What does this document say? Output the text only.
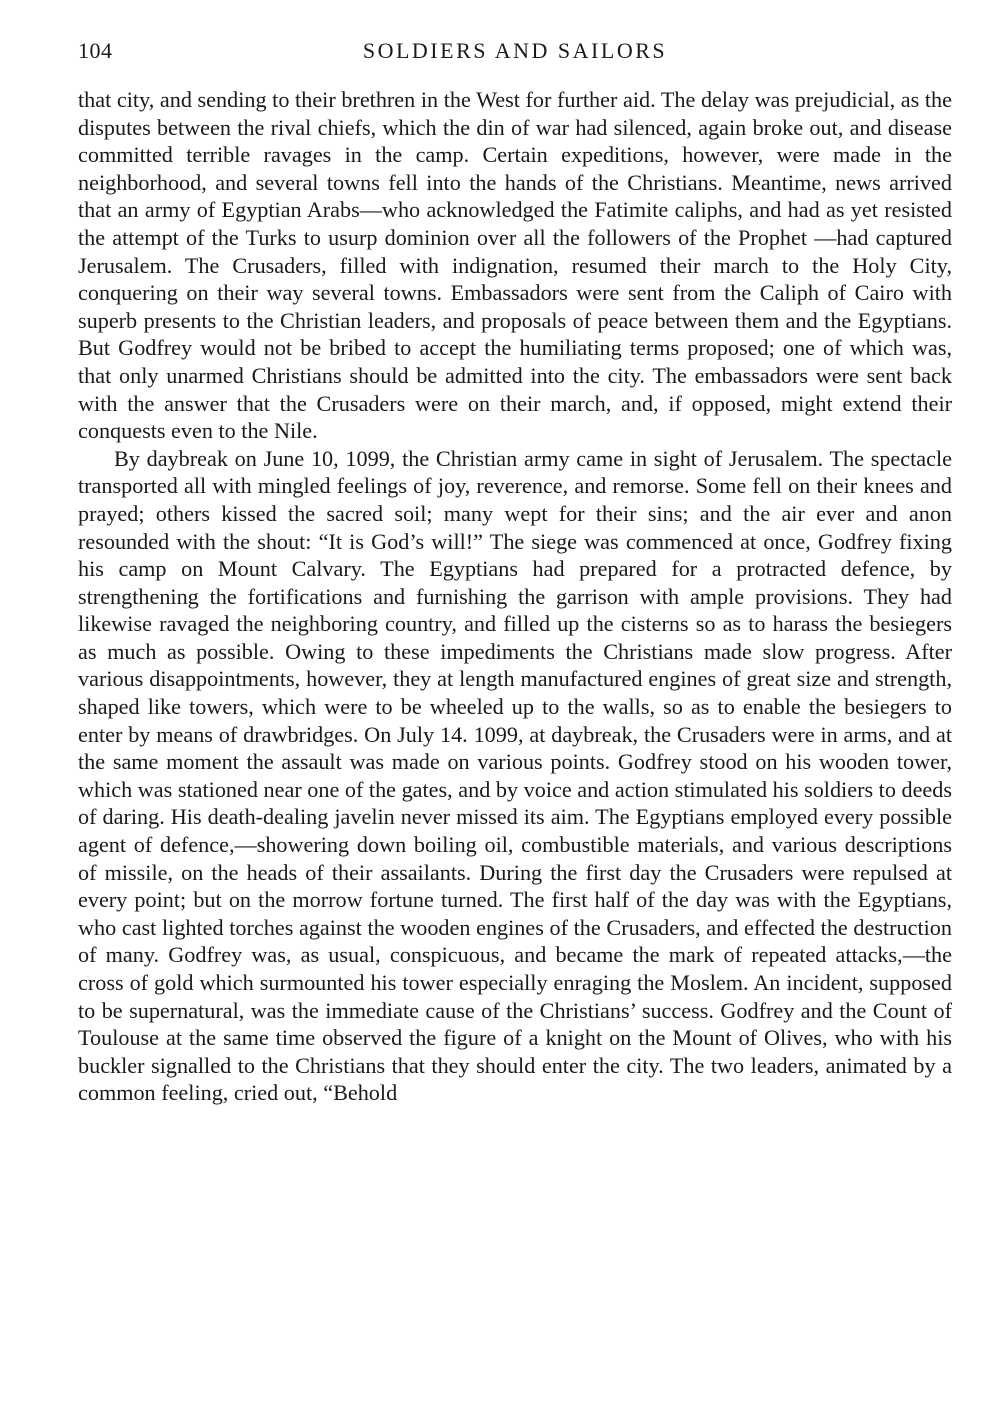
104	SOLDIERS AND SAILORS

that city, and sending to their brethren in the West for further aid. The delay was prejudicial, as the disputes between the rival chiefs, which the din of war had silenced, again broke out, and disease committed terrible ravages in the camp. Certain expeditions, however, were made in the neighborhood, and several towns fell into the hands of the Christians. Meantime, news arrived that an army of Egyptian Arabs—who acknowledged the Fatimite caliphs, and had as yet resisted the attempt of the Turks to usurp dominion over all the followers of the Prophet —had captured Jerusalem. The Crusaders, filled with indignation, resumed their march to the Holy City, conquering on their way several towns. Embassadors were sent from the Caliph of Cairo with superb presents to the Christian leaders, and proposals of peace between them and the Egyptians. But Godfrey would not be bribed to accept the humiliating terms proposed; one of which was, that only unarmed Christians should be admitted into the city. The embassadors were sent back with the answer that the Crusaders were on their march, and, if opposed, might extend their conquests even to the Nile.

By daybreak on June 10, 1099, the Christian army came in sight of Jerusalem. The spectacle transported all with mingled feelings of joy, reverence, and remorse. Some fell on their knees and prayed; others kissed the sacred soil; many wept for their sins; and the air ever and anon resounded with the shout: “It is God’s will!” The siege was commenced at once, Godfrey fixing his camp on Mount Calvary. The Egyptians had prepared for a protracted defence, by strengthening the fortifications and furnishing the garrison with ample provisions. They had likewise ravaged the neighboring country, and filled up the cisterns so as to harass the besiegers as much as possible. Owing to these impediments the Christians made slow progress. After various disappointments, however, they at length manufactured engines of great size and strength, shaped like towers, which were to be wheeled up to the walls, so as to enable the besiegers to enter by means of drawbridges. On July 14. 1099, at daybreak, the Crusaders were in arms, and at the same moment the assault was made on various points. Godfrey stood on his wooden tower, which was stationed near one of the gates, and by voice and action stimulated his soldiers to deeds of daring. His death-dealing javelin never missed its aim. The Egyptians employed every possible agent of defence,—showering down boiling oil, combustible materials, and various descriptions of missile, on the heads of their assailants. During the first day the Crusaders were repulsed at every point; but on the morrow fortune turned. The first half of the day was with the Egyptians, who cast lighted torches against the wooden engines of the Crusaders, and effected the destruction of many. Godfrey was, as usual, conspicuous, and became the mark of repeated attacks,—the cross of gold which surmounted his tower especially enraging the Moslem. An incident, supposed to be supernatural, was the immediate cause of the Christians’ success. Godfrey and the Count of Toulouse at the same time observed the figure of a knight on the Mount of Olives, who with his buckler signalled to the Christians that they should enter the city. The two leaders, animated by a common feeling, cried out, “Behold
